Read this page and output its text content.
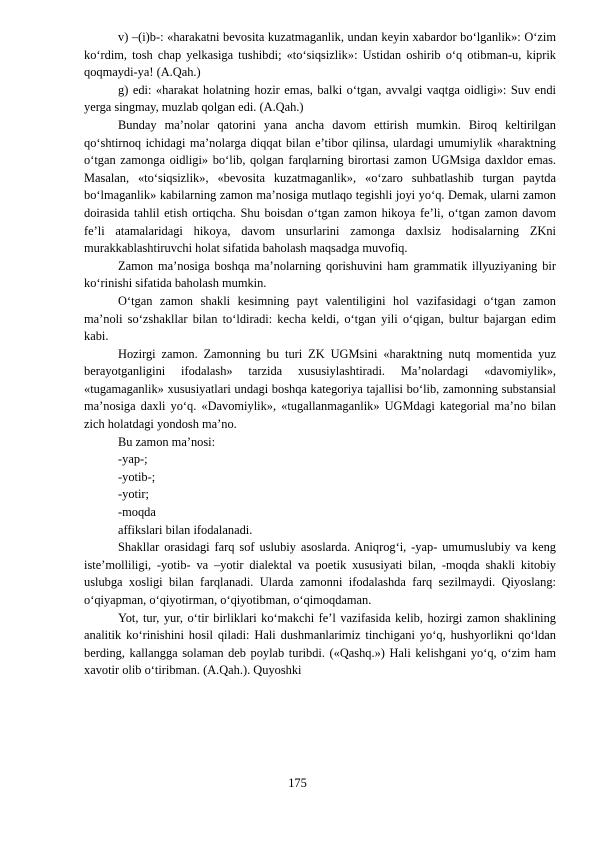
v) –(i)b-: «harakatni bevosita kuzatmaganlik, undan keyin xabardor bo‘lganlik»: O‘zim ko‘rdim, tosh chap yelkasiga tushibdi; «to‘siqsizlik»: Ustidan oshirib o‘q otibman-u, kiprik qoqmaydi-ya! (A.Qah.)

g) edi: «harakat holatning hozir emas, balki o‘tgan, avvalgi vaqtga oidligi»: Suv endi yerga singmay, muzlab qolgan edi. (A.Qah.)

Bunday ma’nolar qatorini yana ancha davom ettirish mumkin. Biroq keltirilgan qo‘shtirnoq ichidagi ma’nolarga diqqat bilan e’tibor qilinsa, ulardagi umumiylik «haraktning o‘tgan zamonga oidligi» bo‘lib, qolgan farqlarning birortasi zamon UGMsiga daxldor emas. Masalan, «to‘siqsizlik», «bevosita kuzatmaganlik», «o‘zaro suhbatlashib turgan paytda bo‘lmaganlik» kabilarning zamon ma’nosiga mutlaqo tegishli joyi yo‘q. Demak, ularni zamon doirasida tahlil etish ortiqcha. Shu boisdan o‘tgan zamon hikoya fe’li, o‘tgan zamon davom fe’li atamalaridagi hikoya, davom unsurlarini zamonga daxlsiz hodisalarning ZKni murakkablashtiruvchi holat sifatida baholash maqsadga muvofiq.

Zamon ma’nosiga boshqa ma’nolarning qorishuvini ham grammatik illyuziyaning bir ko‘rinishi sifatida baholash mumkin.

O‘tgan zamon shakli kesimning payt valentiligini hol vazifasidagi o‘tgan zamon ma’noli so‘zshakllar bilan to‘ldiradi: kecha keldi, o‘tgan yili o‘qigan, bultur bajargan edim kabi.

Hozirgi zamon. Zamonning bu turi ZK UGMsini «haraktning nutq momentida yuz berayotganligini ifodalash» tarzida xususiylashtiradi. Ma’nolardagi «davomiylik», «tugamaganlik» xususiyatlari undagi boshqa kategoriya tajallisi bo‘lib, zamonning substansial ma’nosiga daxli yo‘q. «Davomiylik», «tugallanmaganlik» UGMdagi kategorial ma’no bilan zich holatdagi yondosh ma’no.

Bu zamon ma’nosi:

-yap-;

-yotib-;

-yotir;

-moqda

affikslari bilan ifodalanadi.

Shakllar orasidagi farq sof uslubiy asoslarda. Aniqrog‘i, -yap- umumuslubiy va keng iste’molliligi, -yotib- va –yotir dialektal va poetik xususiyati bilan, -moqda shakli kitobiy uslubga xosligi bilan farqlanadi. Ularda zamonni ifodalashda farq sezilmaydi. Qiyoslang: o‘qiyapman, o‘qiyotirman, o‘qiyotibman, o‘qimoqdaman.

Yot, tur, yur, o‘tir birliklari ko‘makchi fe’l vazifasida kelib, hozirgi zamon shaklining analitik ko‘rinishini hosil qiladi: Hali dushmanlarimiz tinchigani yo‘q, hushyorlikni qo‘ldan berding, kallangga solaman deb poylab turibdi. («Qashq.») Hali kelishgani yo‘q, o‘zim ham xavotir olib o‘tiribman. (A.Qah.). Quyoshki

175
